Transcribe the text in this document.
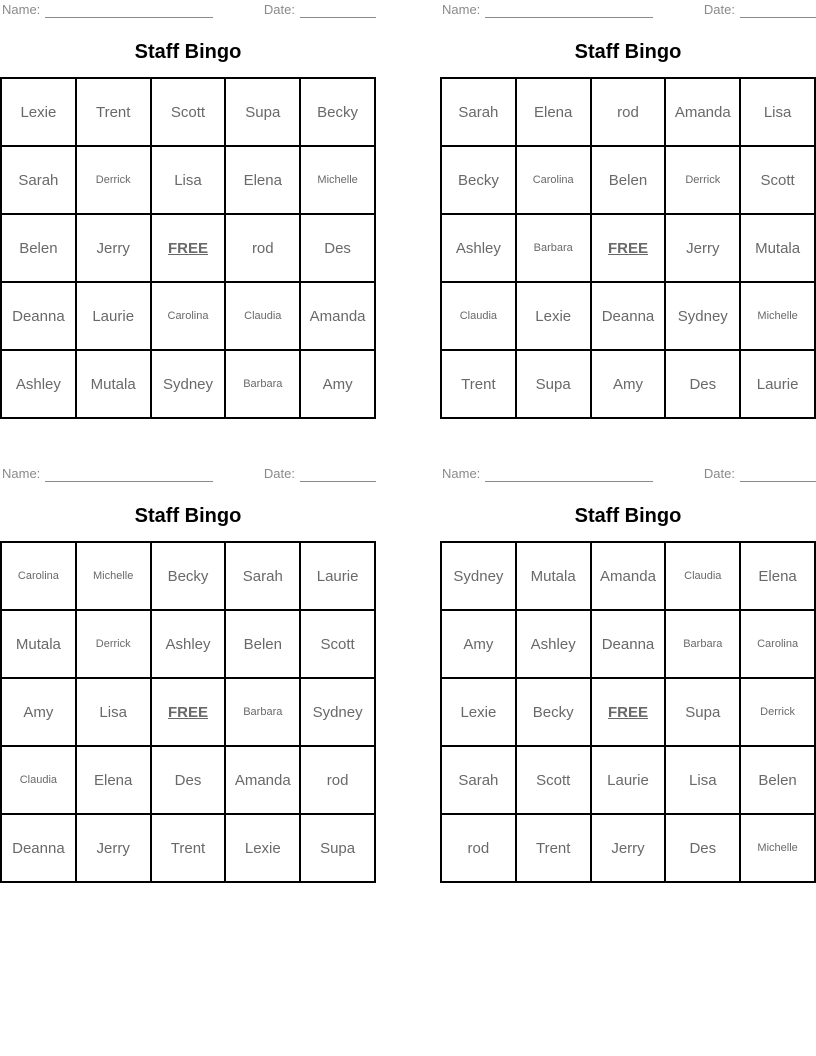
Name:	Date:
Staff Bingo
Lexie	Trent	Scott	Supa	Becky
Sarah	Derrick	Lisa	Elena	Michelle
Belen	Jerry	FREE	rod	Des
Deanna	Laurie	Carolina	Claudia	Amanda
Ashley	Mutala	Sydney	Barbara	Amy
Name:	Date:
Staff Bingo
Sarah	Elena	rod	Amanda	Lisa
Becky	Carolina	Belen	Derrick	Scott
Ashley	Barbara	FREE	Jerry	Mutala
Claudia	Lexie	Deanna	Sydney	Michelle
Trent	Supa	Amy	Des	Laurie
Name:	Date:
Staff Bingo
Carolina	Michelle	Becky	Sarah	Laurie
Mutala	Derrick	Ashley	Belen	Scott
Amy	Lisa	FREE	Barbara	Sydney
Claudia	Elena	Des	Amanda	rod
Deanna	Jerry	Trent	Lexie	Supa
Name:	Date:
Staff Bingo
Sydney	Mutala	Amanda	Claudia	Elena
Amy	Ashley	Deanna	Barbara	Carolina
Lexie	Becky	FREE	Supa	Derrick
Sarah	Scott	Laurie	Lisa	Belen
rod	Trent	Jerry	Des	Michelle
